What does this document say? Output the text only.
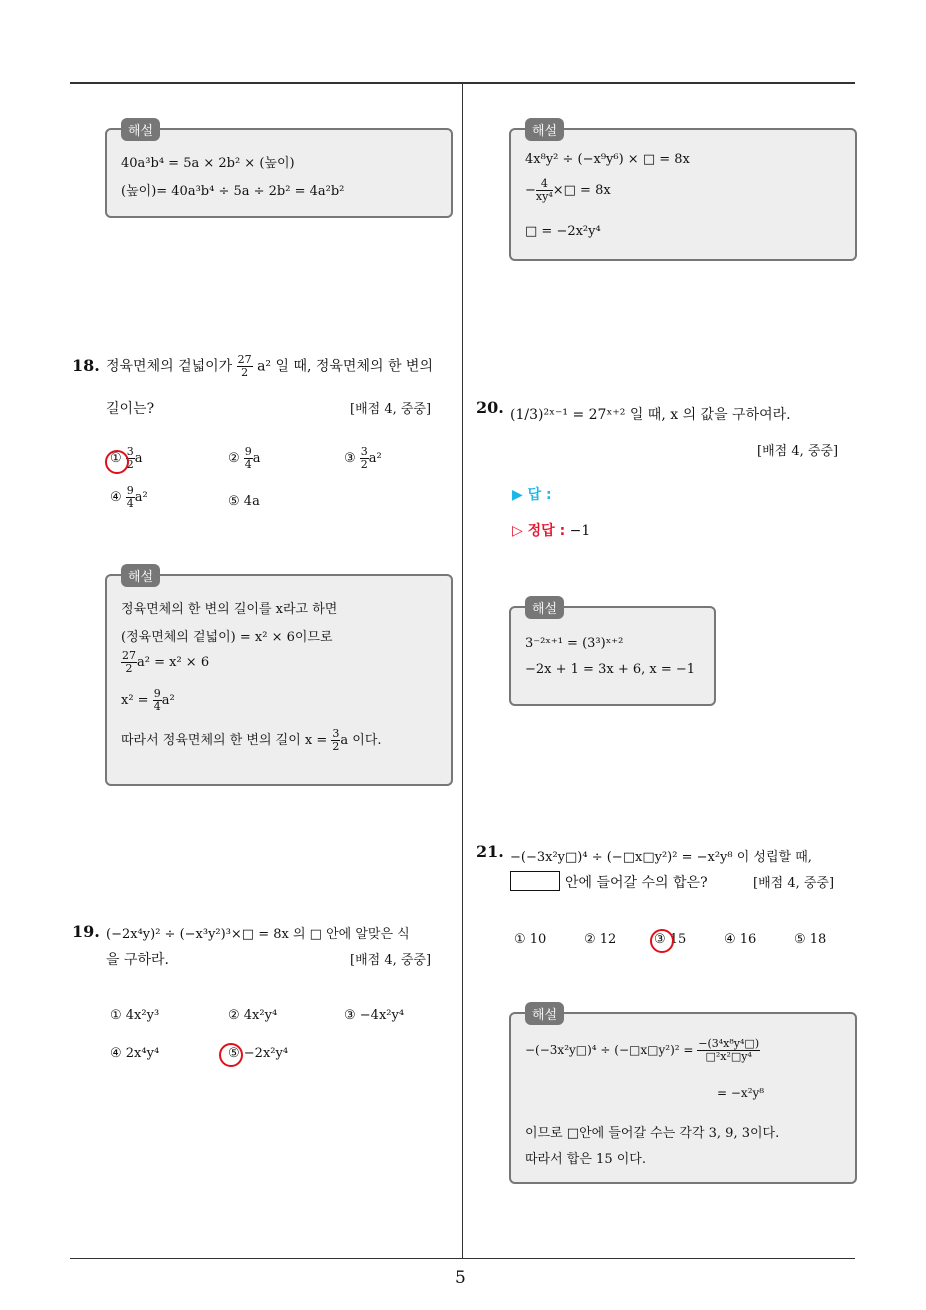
5
해설
40a³b⁴ = 5a × 2b² × (높이)
(높이)= 40a³b⁴ ÷ 5a ÷ 2b² = 4a²b²
18. 정육면체의 겉넓이가 $\frac{27}{2} a^2$ 일 때, 정육면체의 한 변의
길이는?	[배점 4, 중중]
① $\frac{3}{2}$ a	② $\frac{9}{4}$ a	③ $\frac{3}{2} a^2$
④ $\frac{9}{4} a^2$	⑤ 4a
해설
정육면체의 한 변의 길이를 x라고 하면
(정육면체의 겉넓이) = x² × 6이므로
$\frac{27}{2} a^2 = x^2 \times 6$
$x^2 = \frac{9}{4} a^2$
따라서 정육면체의 한 변의 길이 $x = \frac{3}{2}$ a 이다.
19. (−2x⁴y)² ÷ (−x³y²)³×□ = 8x 의 □ 안에 알맞은 식
을 구하라.	[배점 4, 중중]
① 4x²y³	② 4x²y⁴	③ −4x²y⁴
④ 2x⁴y⁴	⑤ −2x²y⁴
해설
4x⁸y² ÷ (−x⁹y⁶) × □ = 8x
− $\frac{4}{\text{xy⁴}}$ ×□ = 8x
□ = −2x²y⁴
20. (1/3)²ˣ⁻¹ = 27ˣ⁺² 일 때, x 의 값을 구하여라.
[배점 4, 중중]
▶ 답 :
▷ 정답 : −1
해설
3⁻²ˣ⁺¹ = (3³)ˣ⁺²
−2x + 1 = 3x + 6, x = −1
21. −(−3x²y□)⁴ ÷ (−□x□y²)² = −x²y⁸ 이 성립할 때,
안에 들어갈 수의 합은?	[배점 4, 중중]
① 10	② 12	③ 15	④ 16	⑤ 18
해설
−(−3x²y□)⁴ ÷ (−□x□y²)² = $\frac{\text{−(3⁴x⁸y⁴□)}}{\text{□²x²□y⁴}}$
= −x²y⁸
이므로 □안에 들어갈 수는 각각 3, 9, 3이다.
따라서 합은 15 이다.
